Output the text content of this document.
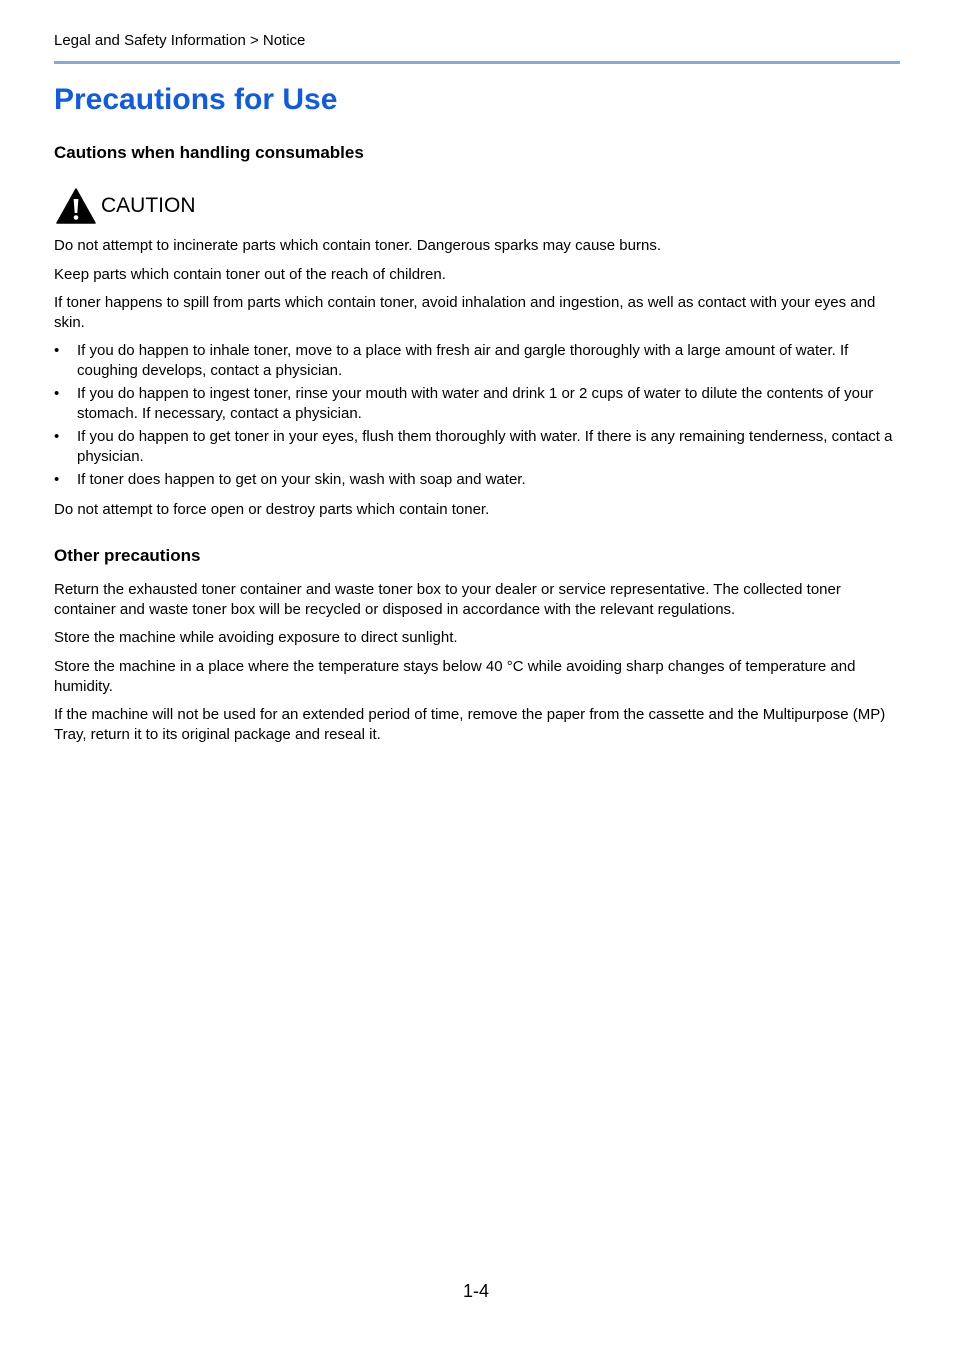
Legal and Safety Information > Notice
Precautions for Use
Cautions when handling consumables
CAUTION

Do not attempt to incinerate parts which contain toner. Dangerous sparks may cause burns.

Keep parts which contain toner out of the reach of children.

If toner happens to spill from parts which contain toner, avoid inhalation and ingestion, as well as contact with your eyes and skin.

• If you do happen to inhale toner, move to a place with fresh air and gargle thoroughly with a large amount of water. If coughing develops, contact a physician.
• If you do happen to ingest toner, rinse your mouth with water and drink 1 or 2 cups of water to dilute the contents of your stomach. If necessary, contact a physician.
• If you do happen to get toner in your eyes, flush them thoroughly with water. If there is any remaining tenderness, contact a physician.
• If toner does happen to get on your skin, wash with soap and water.

Do not attempt to force open or destroy parts which contain toner.

Other precautions

Return the exhausted toner container and waste toner box to your dealer or service representative. The collected toner container and waste toner box will be recycled or disposed in accordance with the relevant regulations.

Store the machine while avoiding exposure to direct sunlight.

Store the machine in a place where the temperature stays below 40 °C while avoiding sharp changes of temperature and humidity.

If the machine will not be used for an extended period of time, remove the paper from the cassette and the Multipurpose (MP) Tray, return it to its original package and reseal it.

1-4
